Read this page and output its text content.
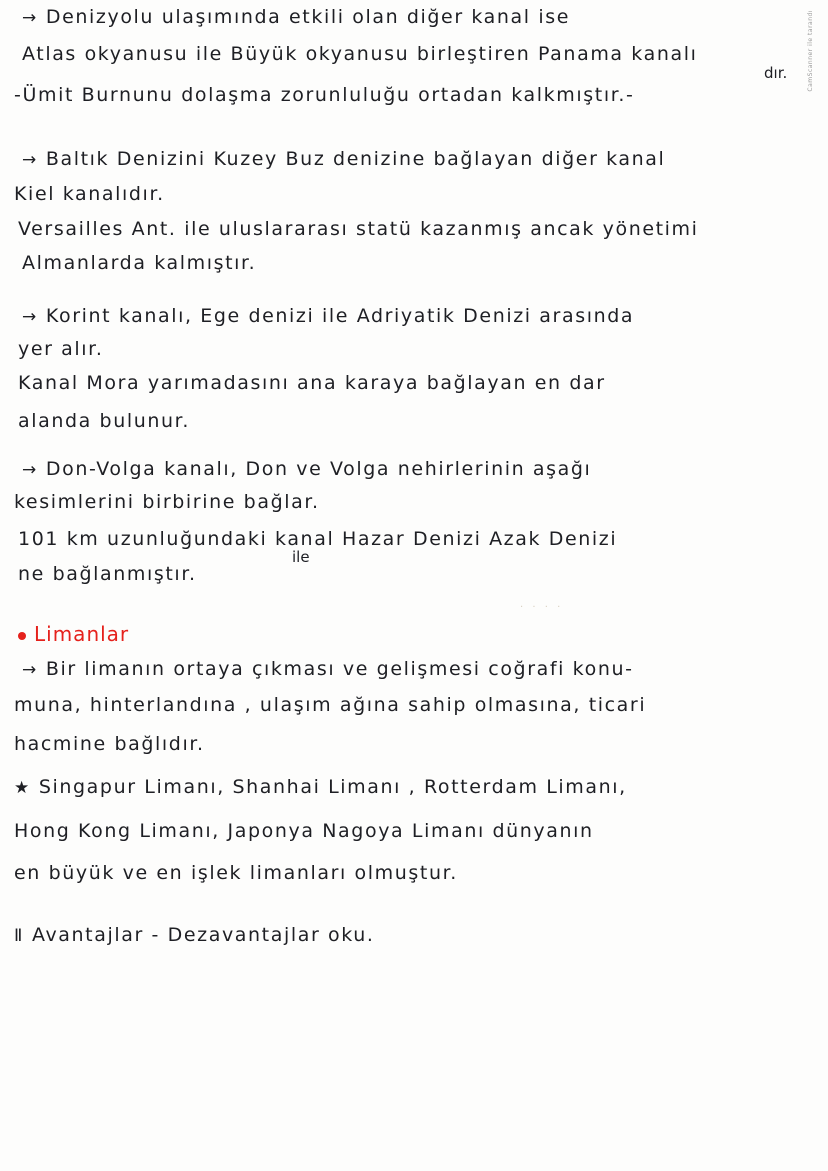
CamScanner ile tarandı
→ Denizyolu ulaşımında etkili olan diğer kanal ise
Atlas okyanusu ile Büyük okyanusu birleştiren Panama kanalı
dır.
-Ümit Burnunu dolaşma zorunluluğu ortadan kalkmıştır.-
→ Baltık Denizini Kuzey Buz denizine bağlayan diğer kanal
Kiel kanalıdır.
Versailles Ant. ile uluslararası statü kazanmış ancak yönetimi
Almanlarda kalmıştır.
→ Korint kanalı, Ege denizi ile Adriyatik Denizi arasında
yer alır.
Kanal Mora yarımadasını ana karaya bağlayan en dar
alanda bulunur.
→ Don-Volga kanalı, Don ve Volga nehirlerinin aşağı
kesimlerini birbirine bağlar.
101 km uzunluğundaki kanal Hazar Denizi Azak Denizi
ile
ne bağlanmıştır.
· · · ·
Limanlar
→ Bir limanın ortaya çıkması ve gelişmesi coğrafi konu-
muna, hinterlandına , ulaşım ağına sahip olmasına, ticari
hacmine bağlıdır.
★ Singapur Limanı, Shanhai Limanı , Rotterdam Limanı,
Hong Kong Limanı, Japonya Nagoya Limanı dünyanın
en büyük ve en işlek limanları olmuştur.
Ⅱ Avantajlar - Dezavantajlar oku.
